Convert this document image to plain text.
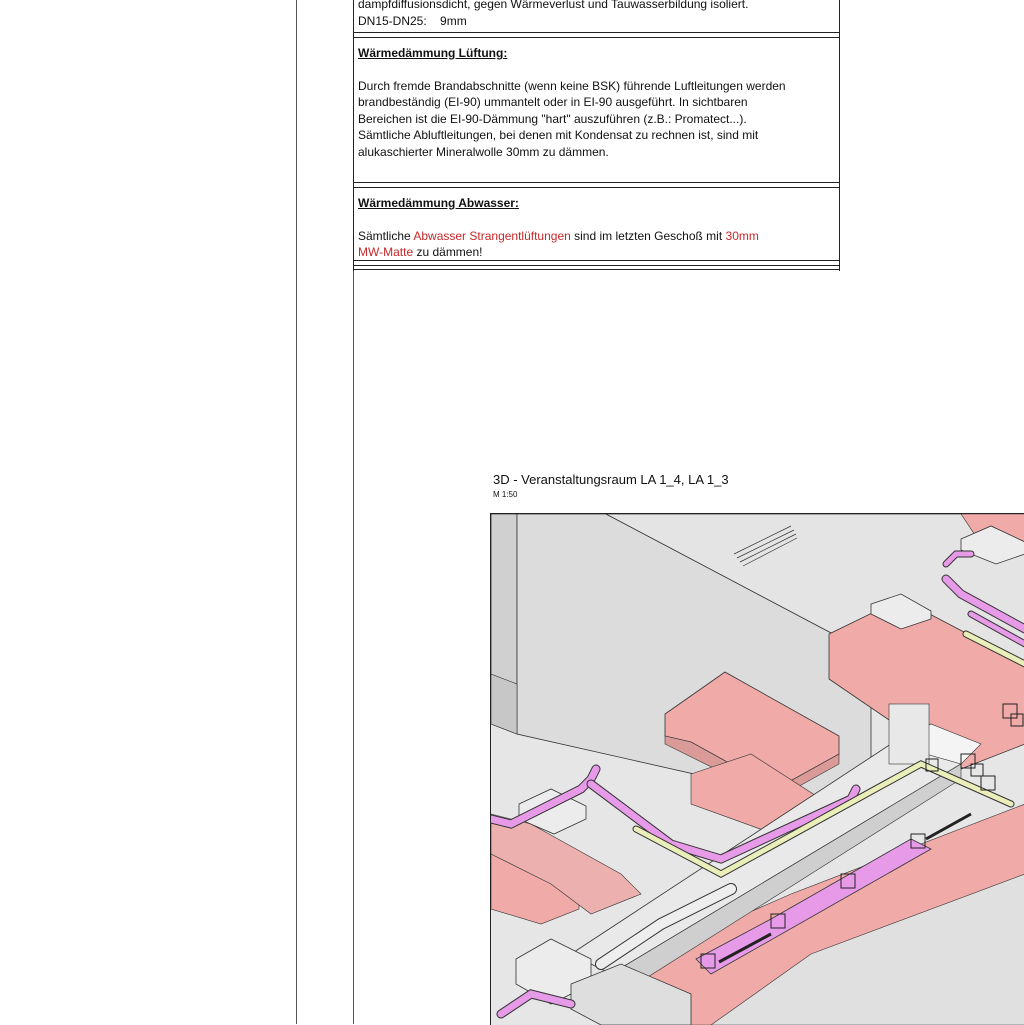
dampfdiffusionsdicht, gegen Wärmeverlust und Tauwasserbildung isoliert.

DN15-DN25: 9mm

Wärmedämmung Lüftung:

Durch fremde Brandabschnitte (wenn keine BSK) führende Luftleitungen werden

brandbeständig (EI-90) ummantelt oder in EI-90 ausgeführt. In sichtbaren

Bereichen ist die EI-90-Dämmung "hart" auszuführen (z.B.: Promatect...).

Sämtliche Abluftleitungen, bei denen mit Kondensat zu rechnen ist, sind mit

alukaschierter Mineralwolle 30mm zu dämmen.

Wärmedämmung Abwasser:

Sämtliche Abwasser Strangentlüftungen sind im letzten Geschoß mit 30mm
MW-Matte zu dämmen!

3D - Veranstaltungsraum LA 1_4, LA 1_3
M 1:50
